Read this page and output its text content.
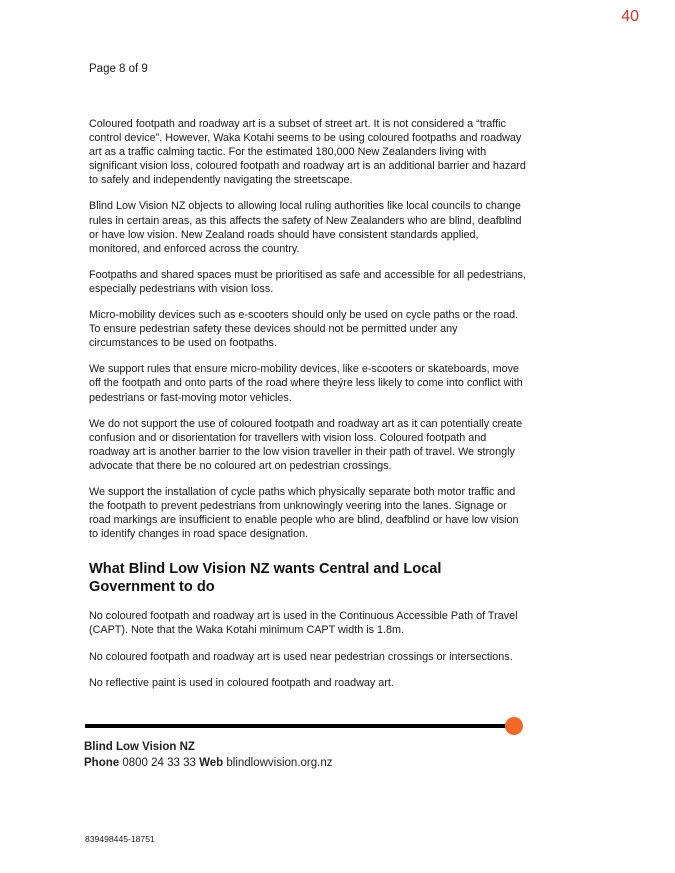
40
Page 8 of 9

Coloured footpath and roadway art is a subset of street art. It is not considered a “traffic control device”. However, Waka Kotahi seems to be using coloured footpaths and roadway art as a traffic calming tactic. For the estimated 180,000 New Zealanders living with significant vision loss, coloured footpath and roadway art is an additional barrier and hazard to safely and independently navigating the streetscape.

Blind Low Vision NZ objects to allowing local ruling authorities like local councils to change rules in certain areas, as this affects the safety of New Zealanders who are blind, deafblind or have low vision. New Zealand roads should have consistent standards applied, monitored, and enforced across the country.

Footpaths and shared spaces must be prioritised as safe and accessible for all pedestrians, especially pedestrians with vision loss.

Micro-mobility devices such as e-scooters should only be used on cycle paths or the road. To ensure pedestrian safety these devices should not be permitted under any circumstances to be used on footpaths.

We support rules that ensure micro-mobility devices, like e-scooters or skateboards, move off the footpath and onto parts of the road where theýre less likely to come into conflict with pedestrians or fast-moving motor vehicles.

We do not support the use of coloured footpath and roadway art as it can potentially create confusion and or disorientation for travellers with vision loss. Coloured footpath and roadway art is another barrier to the low vision traveller in their path of travel. We strongly advocate that there be no coloured art on pedestrian crossings.

We support the installation of cycle paths which physically separate both motor traffic and the footpath to prevent pedestrians from unknowingly veering into the lanes. Signage or road markings are insufficient to enable people who are blind, deafblind or have low vision to identify changes in road space designation.

What Blind Low Vision NZ wants Central and Local Government to do

No coloured footpath and roadway art is used in the Continuous Accessible Path of Travel (CAPT). Note that the Waka Kotahi minimum CAPT width is 1.8m.

No coloured footpath and roadway art is used near pedestrian crossings or intersections.

No reflective paint is used in coloured footpath and roadway art.

Blind Low Vision NZ
Phone 0800 24 33 33 Web blindlowvision.org.nz
839498445-18751
